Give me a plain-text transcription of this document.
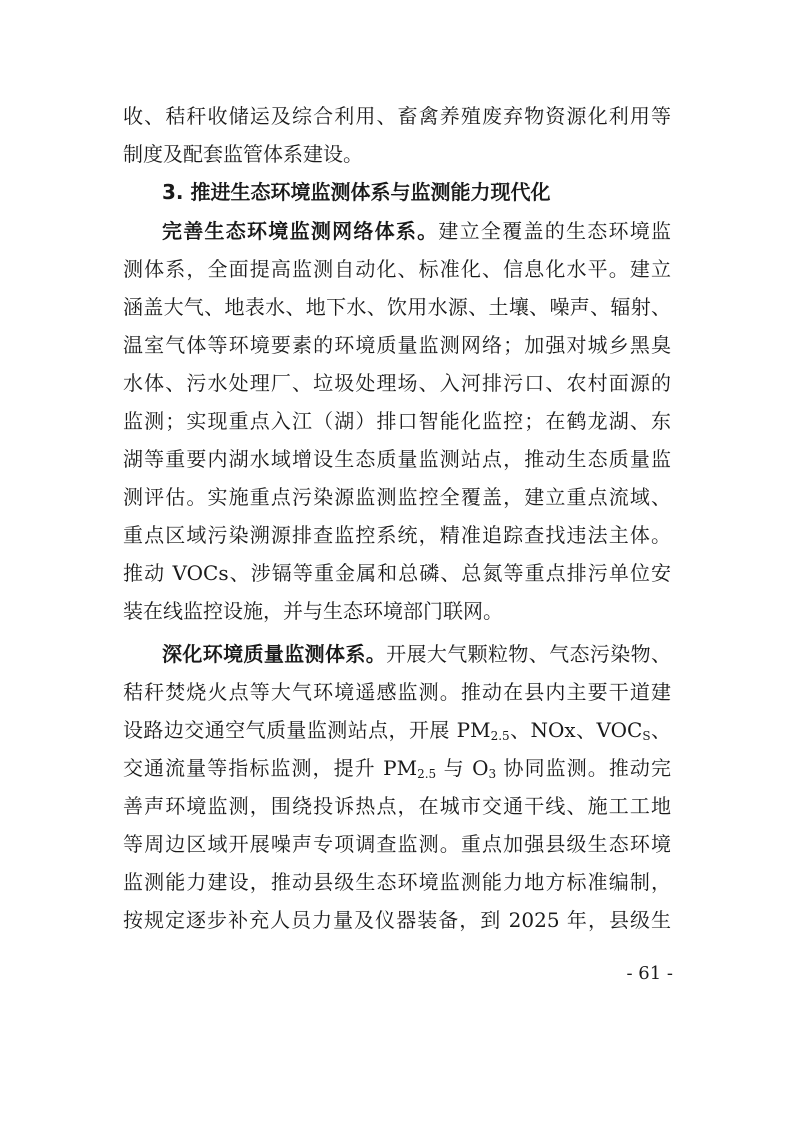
收、秸秆收储运及综合利用、畜禽养殖废弃物资源化利用等
制度及配套监管体系建设。
3. 推进生态环境监测体系与监测能力现代化
完善生态环境监测网络体系。建立全覆盖的生态环境监
测体系，全面提高监测自动化、标准化、信息化水平。建立
涵盖大气、地表水、地下水、饮用水源、土壤、噪声、辐射、
温室气体等环境要素的环境质量监测网络；加强对城乡黑臭
水体、污水处理厂、垃圾处理场、入河排污口、农村面源的
监测；实现重点入江（湖）排口智能化监控；在鹤龙湖、东
湖等重要内湖水域增设生态质量监测站点，推动生态质量监
测评估。实施重点污染源监测监控全覆盖，建立重点流域、
重点区域污染溯源排查监控系统，精准追踪查找违法主体。
推动 VOCs、涉镉等重金属和总磷、总氮等重点排污单位安
装在线监控设施，并与生态环境部门联网。
深化环境质量监测体系。开展大气颗粒物、气态污染物、
秸秆焚烧火点等大气环境遥感监测。推动在县内主要干道建
设路边交通空气质量监测站点，开展 $PM_{2.5}$、NOx、$VOC_S$、
交通流量等指标监测，提升 $PM_{2.5}$ 与 $O_3$ 协同监测。推动完
善声环境监测，围绕投诉热点，在城市交通干线、施工工地
等周边区域开展噪声专项调查监测。重点加强县级生态环境
监测能力建设，推动县级生态环境监测能力地方标准编制，
按规定逐步补充人员力量及仪器装备，到 2025 年，县级生
- 61 -
